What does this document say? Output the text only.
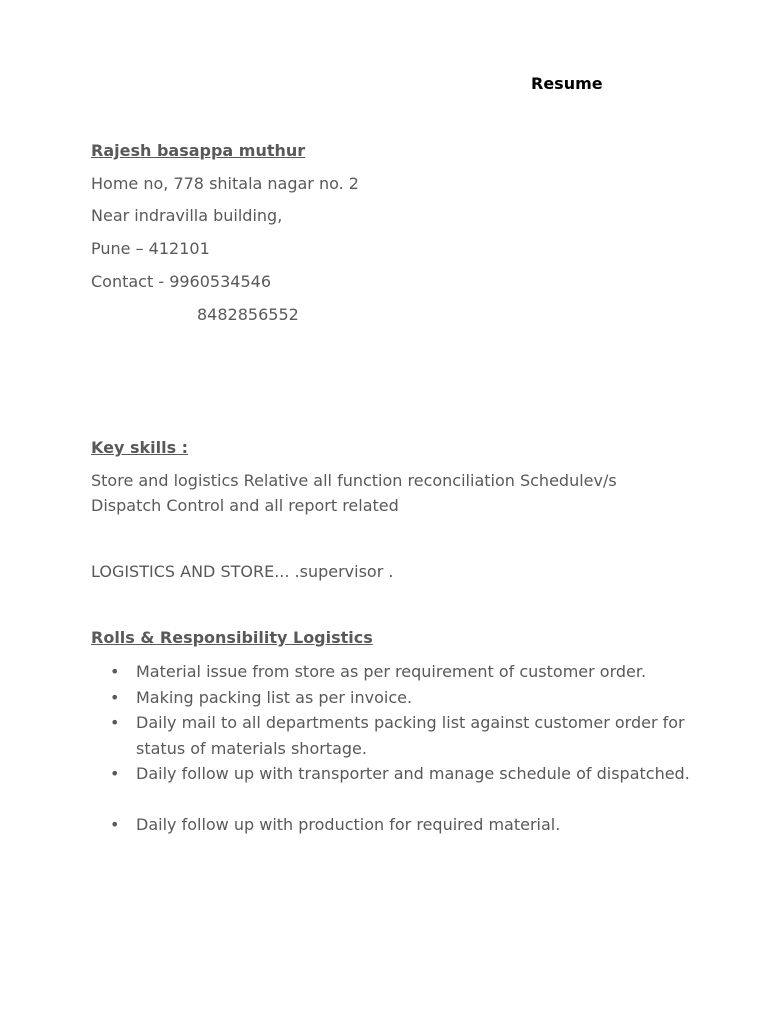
Resume
Rajesh basappa muthur
Home no, 778 shitala nagar no. 2
Near indravilla building,
Pune – 412101
Contact - 9960534546
8482856552
Key skills :
Store and logistics Relative all function reconciliation Schedulev/s Dispatch Control and all report related
LOGISTICS AND STORE... .supervisor .
Rolls & Responsibility Logistics
• Material issue from store as per requirement of customer order.
• Making packing list as per invoice.
• Daily mail to all departments packing list against customer order for status of materials shortage.
• Daily follow up with transporter and manage schedule of dispatched.
• Daily follow up with production for required material.
